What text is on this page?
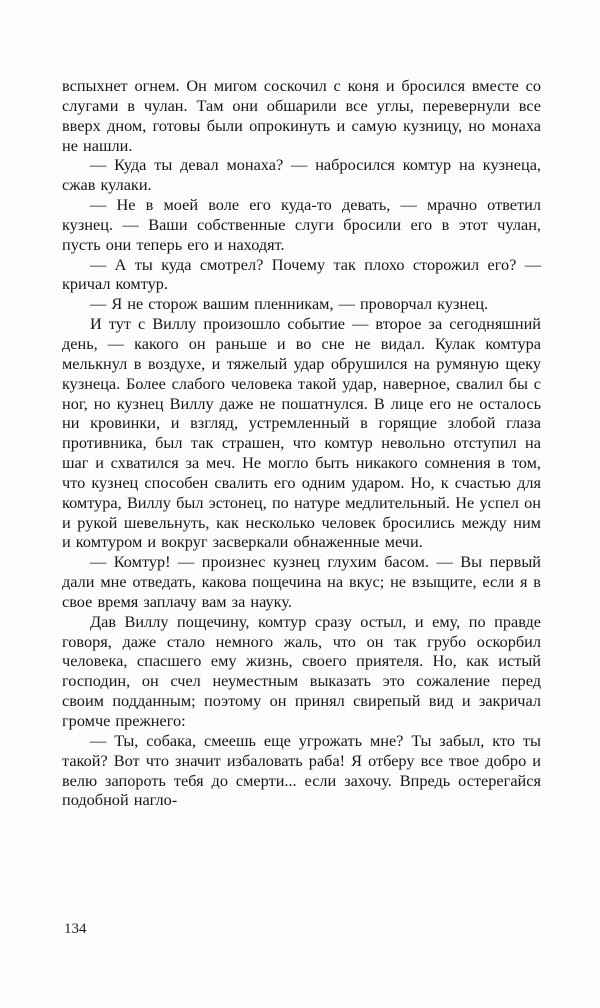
вспыхнет огнем. Он мигом соскочил с коня и бросился вместе со слугами в чулан. Там они обшарили все углы, перевернули все вверх дном, готовы были опрокинуть и самую кузницу, но монаха не нашли.

— Куда ты девал монаха? — набросился комтур на кузнеца, сжав кулаки.

— Не в моей воле его куда-то девать, — мрачно ответил кузнец. — Ваши собственные слуги бросили его в этот чулан, пусть они теперь его и находят.

— А ты куда смотрел? Почему так плохо сторожил его? — кричал комтур.

— Я не сторож вашим пленникам, — проворчал кузнец.

И тут с Виллу произошло событие — второе за сегодняшний день, — какого он раньше и во сне не видал. Кулак комтура мелькнул в воздухе, и тяжелый удар обрушился на румяную щеку кузнеца. Более слабого человека такой удар, наверное, свалил бы с ног, но кузнец Виллу даже не пошатнулся. В лице его не осталось ни кровинки, и взгляд, устремленный в горящие злобой глаза противника, был так страшен, что комтур невольно отступил на шаг и схватился за меч. Не могло быть никакого сомнения в том, что кузнец способен свалить его одним ударом. Но, к счастью для комтура, Виллу был эстонец, по натуре медлительный. Не успел он и рукой шевельнуть, как несколько человек бросились между ним и комтуром и вокруг засверкали обнаженные мечи.

— Комтур! — произнес кузнец глухим басом. — Вы первый дали мне отведать, какова пощечина на вкус; не взыщите, если я в свое время заплачу вам за науку.

Дав Виллу пощечину, комтур сразу остыл, и ему, по правде говоря, даже стало немного жаль, что он так грубо оскорбил человека, спасшего ему жизнь, своего приятеля. Но, как истый господин, он счел неуместным выказать это сожаление перед своим подданным; поэтому он принял свирепый вид и закричал громче прежнего:

— Ты, собака, смеешь еще угрожать мне? Ты забыл, кто ты такой? Вот что значит избаловать раба! Я отберу все твое добро и велю запороть тебя до смерти... если захочу. Впредь остерегайся подобной нагло-

134
